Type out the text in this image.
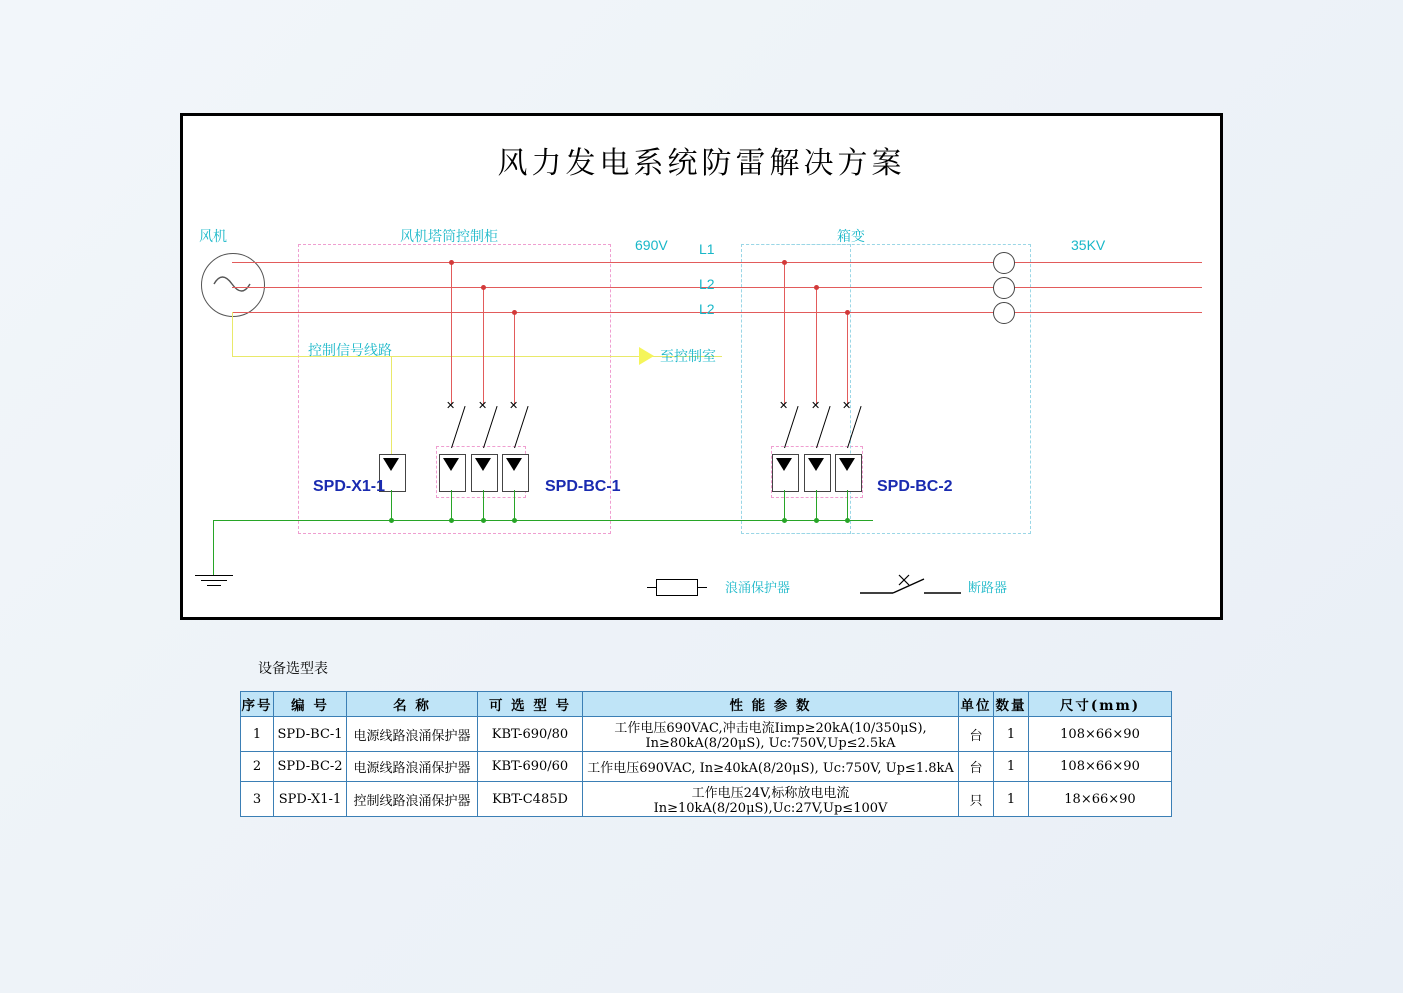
风力发电系统防雷解决方案
✕ ✕ ✕	✕ ✕ ✕
风机	风机塔筒控制柜
690V L1
L2
L2
箱变
35KV
控制信号线路	至控制室
SPD-X1-1	SPD-BC-1	SPD-BC-2
浪涌保护器	断路器
设备选型表
序号	编 号	名 称	可 选 型 号	性 能 参 数	单位	数量	尺寸(mm)
1	SPD-BC-1	电源线路浪涌保护器	KBT-690/80	工作电压690VAC,冲击电流Ⅰimp≥20kA(10/350μS), In≥80kA(8/20μS), Uc:750V,Up≤2.5kA	台	1	108×66×90
2	SPD-BC-2	电源线路浪涌保护器	KBT-690/60	工作电压690VAC, In≥40kA(8/20μS), Uc:750V, Up≤1.8kA	台	1	108×66×90
3	SPD-X1-1	控制线路浪涌保护器	KBT-C485D	工作电压24V,标称放电电流In≥10kA(8/20μS),Uc:27V,Up≤100V	只	1	18×66×90
